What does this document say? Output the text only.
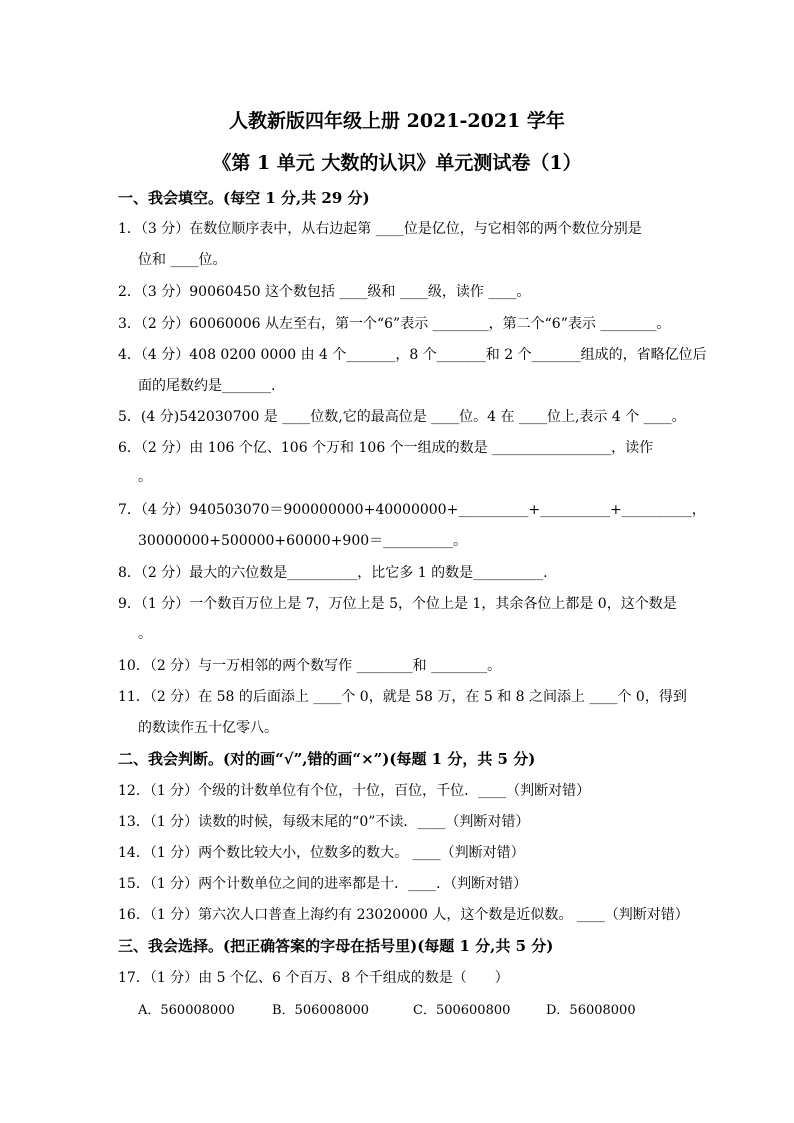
人教新版四年级上册 2021-2021 学年
《第 1 单元 大数的认识》单元测试卷（1）
一、我会填空。(每空 1 分,共 29 分)
1．（3 分）在数位顺序表中，从右边起第 ____位是亿位，与它相邻的两个数位分别是
位和 ____位。
2．（3 分）90060450 这个数包括 ____级和 ____级，读作 ____。
3．（2 分）60060006 从左至右，第一个“6”表示 ________，第二个“6”表示 ________。
4．（4 分）408 0200 0000 由 4 个_______，8 个_______和 2 个_______组成的，省略亿位后
面的尾数约是_______.
5．(4 分)542030700 是 ____位数,它的最高位是 ____位。4 在 ____位上,表示 4 个 ____。
6．（2 分）由 106 个亿、106 个万和 106 个一组成的数是 _________________，读作
。
7．（4 分）940503070＝900000000+40000000+__________+__________+__________，
30000000+500000+60000+900＝__________。
8．（2 分）最大的六位数是__________，比它多 1 的数是__________.
9．（1 分）一个数百万位上是 7，万位上是 5，个位上是 1，其余各位上都是 0，这个数是
。
10．（2 分）与一万相邻的两个数写作 ________和 ________。
11．（2 分）在 58 的后面添上 ____个 0，就是 58 万，在 5 和 8 之间添上 ____个 0，得到
的数读作五十亿零八。
二、我会判断。(对的画“√”,错的画“×”)(每题 1 分，共 5 分)
12．（1 分）个级的计数单位有个位，十位，百位，千位．____（判断对错）
13．（1 分）读数的时候，每级末尾的“0”不读．____（判断对错）
14．（1 分）两个数比较大小，位数多的数大。 ____（判断对错）
15．（1 分）两个计数单位之间的进率都是十．____．（判断对错）
16．（1 分）第六次人口普查上海约有 23020000 人，这个数是近似数。 ____（判断对错）
三、我会选择。(把正确答案的字母在括号里)(每题 1 分,共 5 分)
17．（1 分）由 5 个亿、6 个百万、8 个千组成的数是（　　）
A．560008000	B．506008000	C．500600800	D．56008000
